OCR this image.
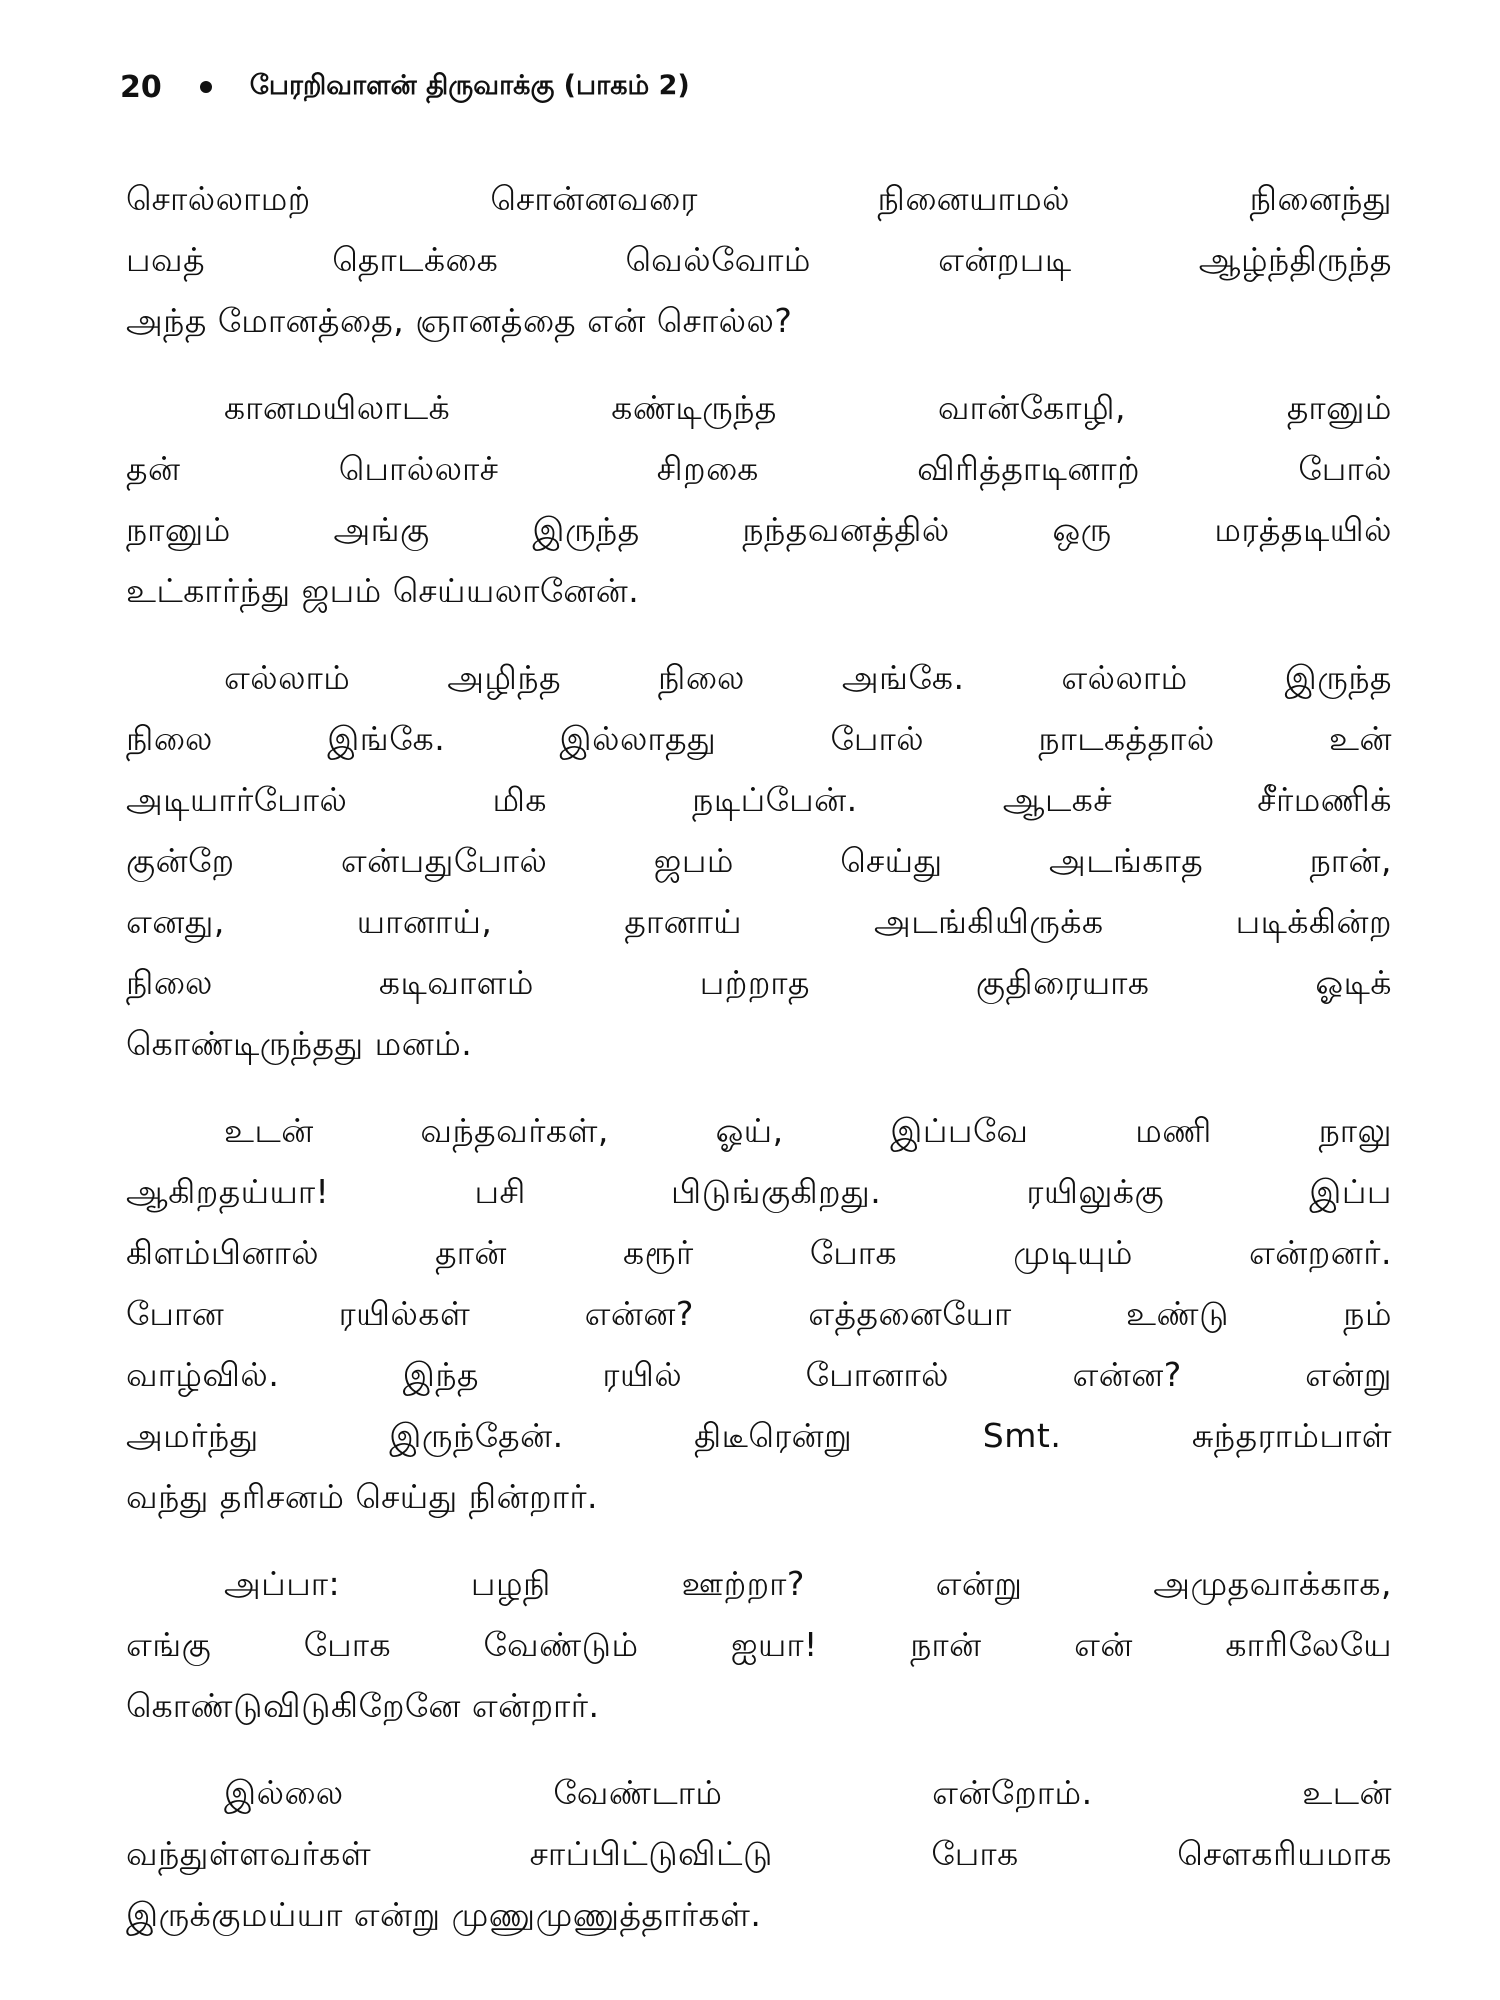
20	பேரறிவாளன் திருவாக்கு (பாகம் 2)
சொல்லாமற் சொன்னவரை நினையாமல் நினைந்து
பவத் தொடக்கை வெல்வோம் என்றபடி ஆழ்ந்திருந்த
அந்த மோனத்தை, ஞானத்தை என் சொல்ல?
கானமயிலாடக் கண்டிருந்த வான்கோழி, தானும்
தன் பொல்லாச் சிறகை விரித்தாடினாற் போல்
நானும் அங்கு இருந்த நந்தவனத்தில் ஒரு மரத்தடியில்
உட்கார்ந்து ஜபம் செய்யலானேன்.
எல்லாம் அழிந்த நிலை அங்கே. எல்லாம் இருந்த
நிலை இங்கே. இல்லாதது போல் நாடகத்தால் உன்
அடியார்போல் மிக நடிப்பேன். ஆடகச் சீர்மணிக்
குன்றே என்பதுபோல் ஜபம் செய்து அடங்காத நான்,
எனது, யானாய், தானாய் அடங்கியிருக்க படிக்கின்ற
நிலை கடிவாளம் பற்றாத குதிரையாக ஓடிக்
கொண்டிருந்தது மனம்.
உடன் வந்தவர்கள், ஓய், இப்பவே மணி நாலு
ஆகிறதய்யா! பசி பிடுங்குகிறது. ரயிலுக்கு இப்ப
கிளம்பினால் தான் கரூர் போக முடியும் என்றனர்.
போன ரயில்கள் என்ன? எத்தனையோ உண்டு நம்
வாழ்வில். இந்த ரயில் போனால் என்ன? என்று
அமர்ந்து இருந்தேன். திடீரென்று Smt. சுந்தராம்பாள்
வந்து தரிசனம் செய்து நின்றார்.
அப்பா: பழநி ஊற்றா? என்று அமுதவாக்காக,
எங்கு போக வேண்டும் ஐயா! நான் என் காரிலேயே
கொண்டுவிடுகிறேனே என்றார்.
இல்லை வேண்டாம் என்றோம். உடன்
வந்துள்ளவர்கள் சாப்பிட்டுவிட்டு போக சௌகரியமாக
இருக்குமய்யா என்று முணுமுணுத்தார்கள்.
